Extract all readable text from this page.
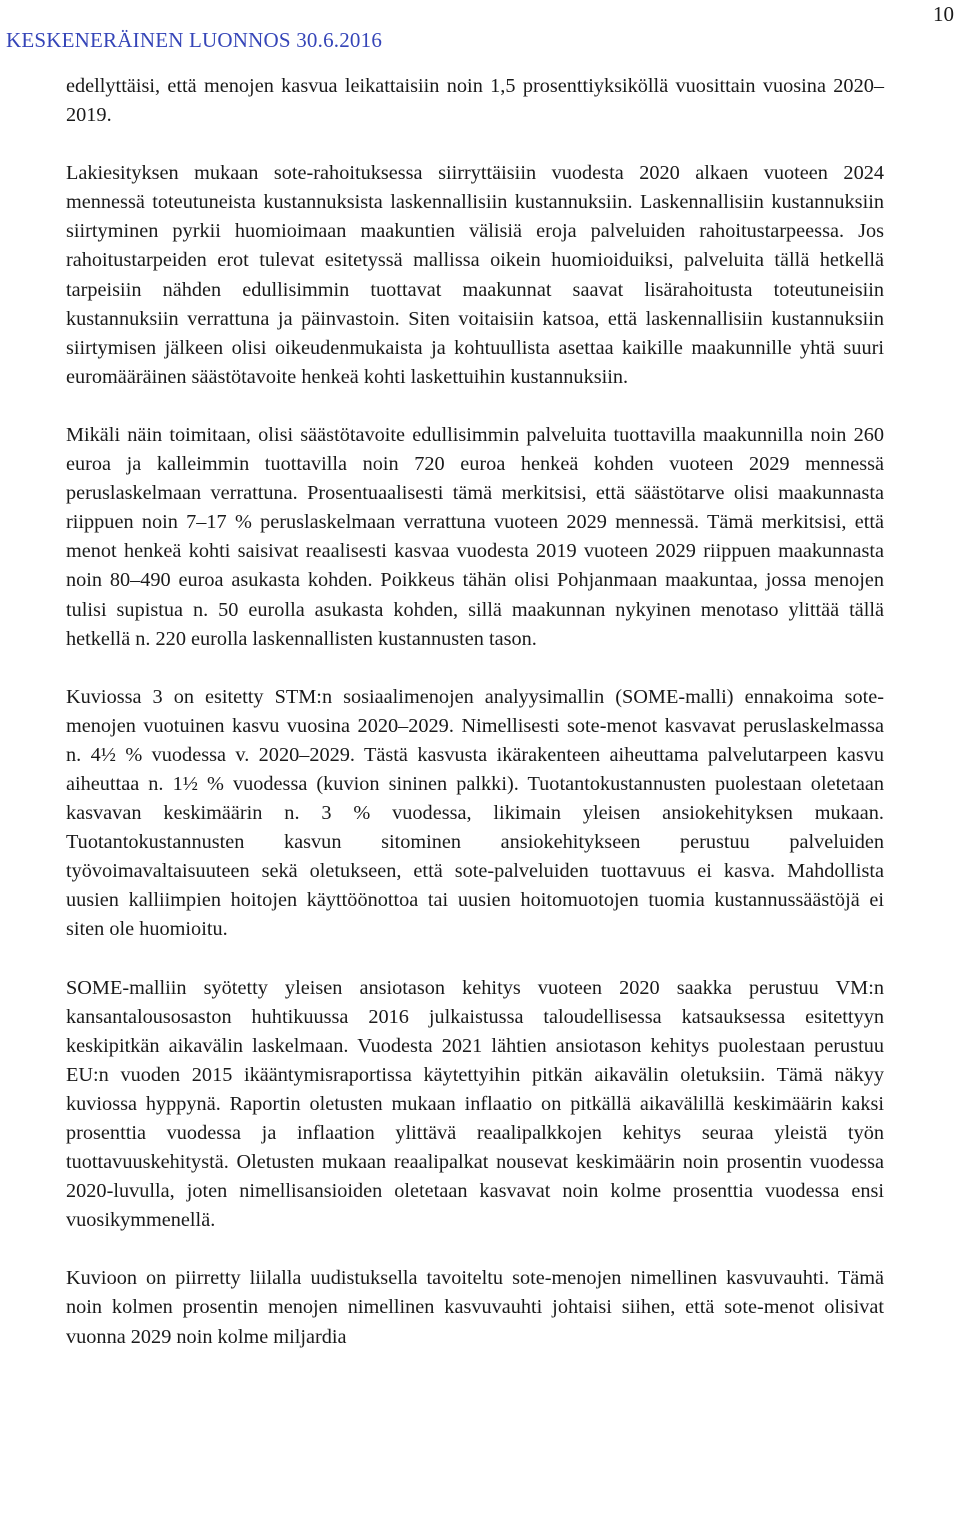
KESKENERÄINEN LUONNOS 30.6.2016
10

edellyttäisi, että menojen kasvua leikattaisiin noin 1,5 prosenttiyksiköllä vuosittain vuosina 2020–2019.

Lakiesityksen mukaan sote-rahoituksessa siirryttäisiin vuodesta 2020 alkaen vuoteen 2024 mennessä toteutuneista kustannuksista laskennallisiin kustannuksiin. Laskennallisiin kustannuksiin siirtyminen pyrkii huomioimaan maakuntien välisiä eroja palveluiden rahoitustarpeessa. Jos rahoitustarpeiden erot tulevat esitetyssä mallissa oikein huomioiduiksi, palveluita tällä hetkellä tarpeisiin nähden edullisimmin tuottavat maakunnat saavat lisärahoitusta toteutuneisiin kustannuksiin verrattuna ja päinvastoin. Siten voitaisiin katsoa, että laskennallisiin kustannuksiin siirtymisen jälkeen olisi oikeudenmukaista ja kohtuullista asettaa kaikille maakunnille yhtä suuri euromääräinen säästötavoite henkeä kohti laskettuihin kustannuksiin.

Mikäli näin toimitaan, olisi säästötavoite edullisimmin palveluita tuottavilla maakunnilla noin 260 euroa ja kalleimmin tuottavilla noin 720 euroa henkeä kohden vuoteen 2029 mennessä peruslaskelmaan verrattuna. Prosentuaalisesti tämä merkitsisi, että säästötarve olisi maakunnasta riippuen noin 7–17 % peruslaskelmaan verrattuna vuoteen 2029 mennessä. Tämä merkitsisi, että menot henkeä kohti saisivat reaalisesti kasvaa vuodesta 2019 vuoteen 2029 riippuen maakunnasta noin 80–490 euroa asukasta kohden. Poikkeus tähän olisi Pohjanmaan maakuntaa, jossa menojen tulisi supistua n. 50 eurolla asukasta kohden, sillä maakunnan nykyinen menotaso ylittää tällä hetkellä n. 220 eurolla laskennallisten kustannusten tason.

Kuviossa 3 on esitetty STM:n sosiaalimenojen analyysimallin (SOME-malli) ennakoima sote-menojen vuotuinen kasvu vuosina 2020–2029. Nimellisesti sote-menot kasvavat peruslaskelmassa n. 4½ % vuodessa v. 2020–2029. Tästä kasvusta ikärakenteen aiheuttama palvelutarpeen kasvu aiheuttaa n. 1½ % vuodessa (kuvion sininen palkki). Tuotantokustannusten puolestaan oletetaan kasvavan keskimäärin n. 3 % vuodessa, likimain yleisen ansiokehityksen mukaan. Tuotantokustannusten kasvun sitominen ansiokehitykseen perustuu palveluiden työvoimavaltaisuuteen sekä oletukseen, että sote-palveluiden tuottavuus ei kasva. Mahdollista uusien kalliimpien hoitojen käyttöönottoa tai uusien hoitomuotojen tuomia kustannussäästöjä ei siten ole huomioitu.

SOME-malliin syötetty yleisen ansiotason kehitys vuoteen 2020 saakka perustuu VM:n kansantalousosaston huhtikuussa 2016 julkaistussa taloudellisessa katsauksessa esitettyyn keskipitkän aikavälin laskelmaan. Vuodesta 2021 lähtien ansiotason kehitys puolestaan perustuu EU:n vuoden 2015 ikääntymisraportissa käytettyihin pitkän aikavälin oletuksiin. Tämä näkyy kuviossa hyppynä. Raportin oletusten mukaan inflaatio on pitkällä aikavälillä keskimäärin kaksi prosenttia vuodessa ja inflaation ylittävä reaalipalkkojen kehitys seuraa yleistä työn tuottavuuskehitystä. Oletusten mukaan reaalipalkat nousevat keskimäärin noin prosentin vuodessa 2020-luvulla, joten nimellisansioiden oletetaan kasvavat noin kolme prosenttia vuodessa ensi vuosikymmenellä.

Kuvioon on piirretty liilalla uudistuksella tavoiteltu sote-menojen nimellinen kasvuvauhti. Tämä noin kolmen prosentin menojen nimellinen kasvuvauhti johtaisi siihen, että sote-menot olisivat vuonna 2029 noin kolme miljardia
